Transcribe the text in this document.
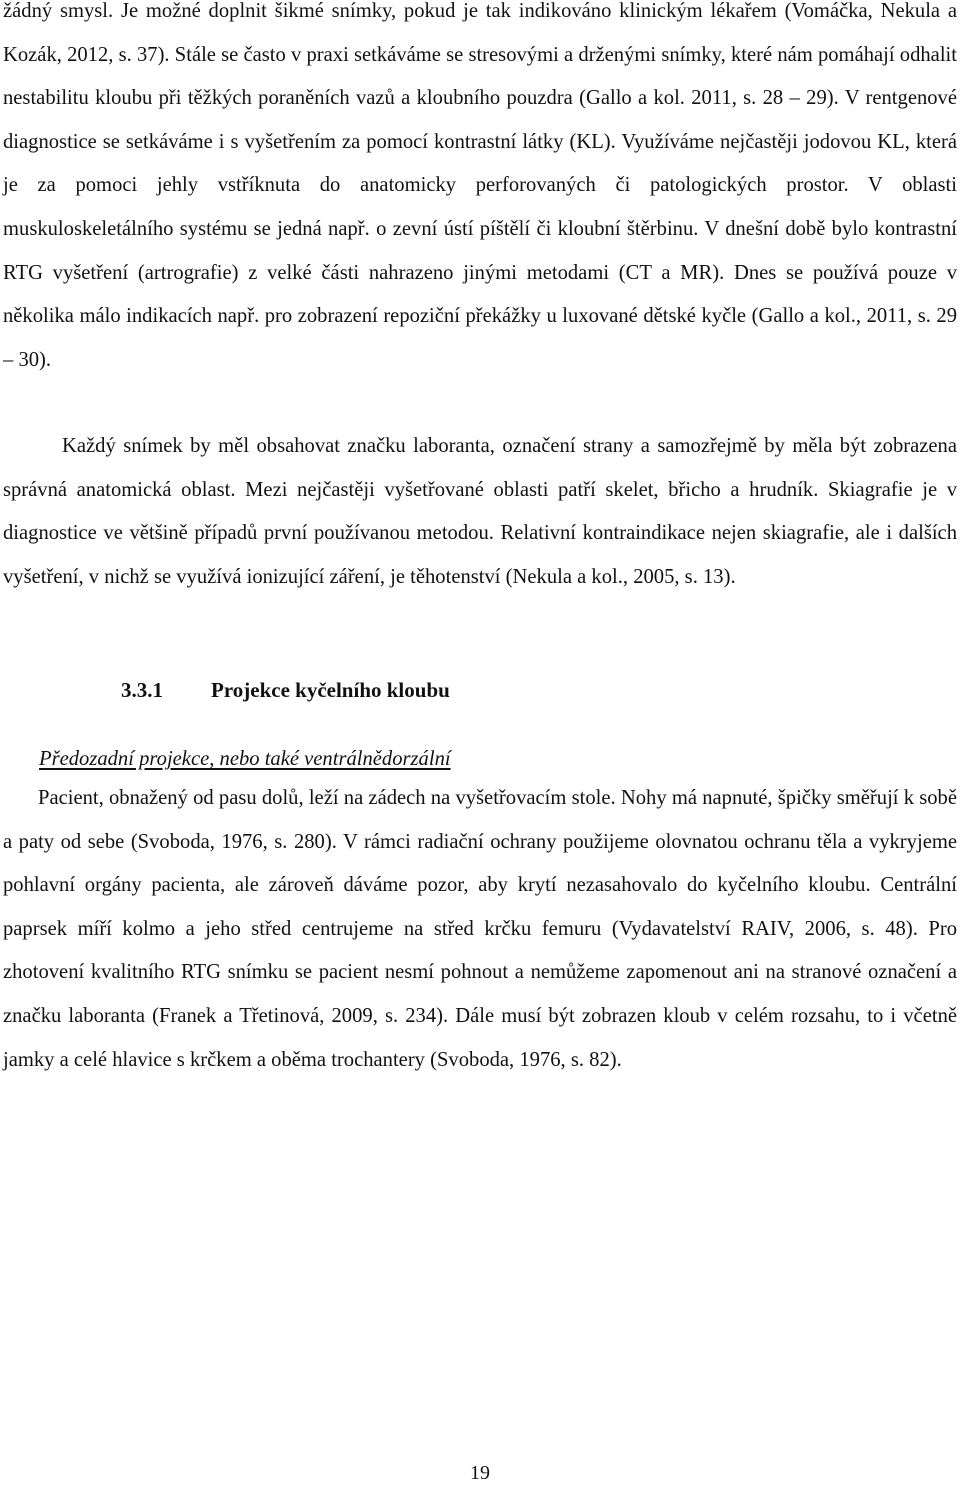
žádný smysl. Je možné doplnit šikmé snímky, pokud je tak indikováno klinickým lékařem (Vomáčka, Nekula a Kozák, 2012, s. 37). Stále se často v praxi setkáváme se stresovými a drženými snímky, které nám pomáhají odhalit nestabilitu kloubu při těžkých poraněních vazů a kloubního pouzdra (Gallo a kol. 2011, s. 28 – 29). V rentgenové diagnostice se setkáváme i s vyšetřením za pomocí kontrastní látky (KL). Využíváme nejčastěji jodovou KL, která je za pomoci jehly vstříknuta do anatomicky perforovaných či patologických prostor. V oblasti muskuloskeletálního systému se jedná např. o zevní ústí píštělí či kloubní štěrbinu. V dnešní době bylo kontrastní RTG vyšetření (artrografie) z velké části nahrazeno jinými metodami (CT a MR). Dnes se používá pouze v několika málo indikacích např. pro zobrazení repoziční překážky u luxované dětské kyčle (Gallo a kol., 2011, s. 29 – 30).

Každý snímek by měl obsahovat značku laboranta, označení strany a samozřejmě by měla být zobrazena správná anatomická oblast. Mezi nejčastěji vyšetřované oblasti patří skelet, břicho a hrudník. Skiagrafie je v diagnostice ve většině případů první používanou metodou. Relativní kontraindikace nejen skiagrafie, ale i dalších vyšetření, v nichž se využívá ionizující záření, je těhotenství (Nekula a kol., 2005, s. 13).

3.3.1 Projekce kyčelního kloubu
Předozadní projekce, nebo také ventrálnědorzální

Pacient, obnažený od pasu dolů, leží na zádech na vyšetřovacím stole. Nohy má napnuté, špičky směřují k sobě a paty od sebe (Svoboda, 1976, s. 280). V rámci radiační ochrany použijeme olovnatou ochranu těla a vykryjeme pohlavní orgány pacienta, ale zároveň dáváme pozor, aby krytí nezasahovalo do kyčelního kloubu. Centrální paprsek míří kolmo a jeho střed centrujeme na střed krčku femuru (Vydavatelství RAIV, 2006, s. 48). Pro zhotovení kvalitního RTG snímku se pacient nesmí pohnout a nemůžeme zapomenout ani na stranové označení a značku laboranta (Franek a Třetinová, 2009, s. 234). Dále musí být zobrazen kloub v celém rozsahu, to i včetně jamky a celé hlavice s krčkem a oběma trochantery (Svoboda, 1976, s. 82).

19
